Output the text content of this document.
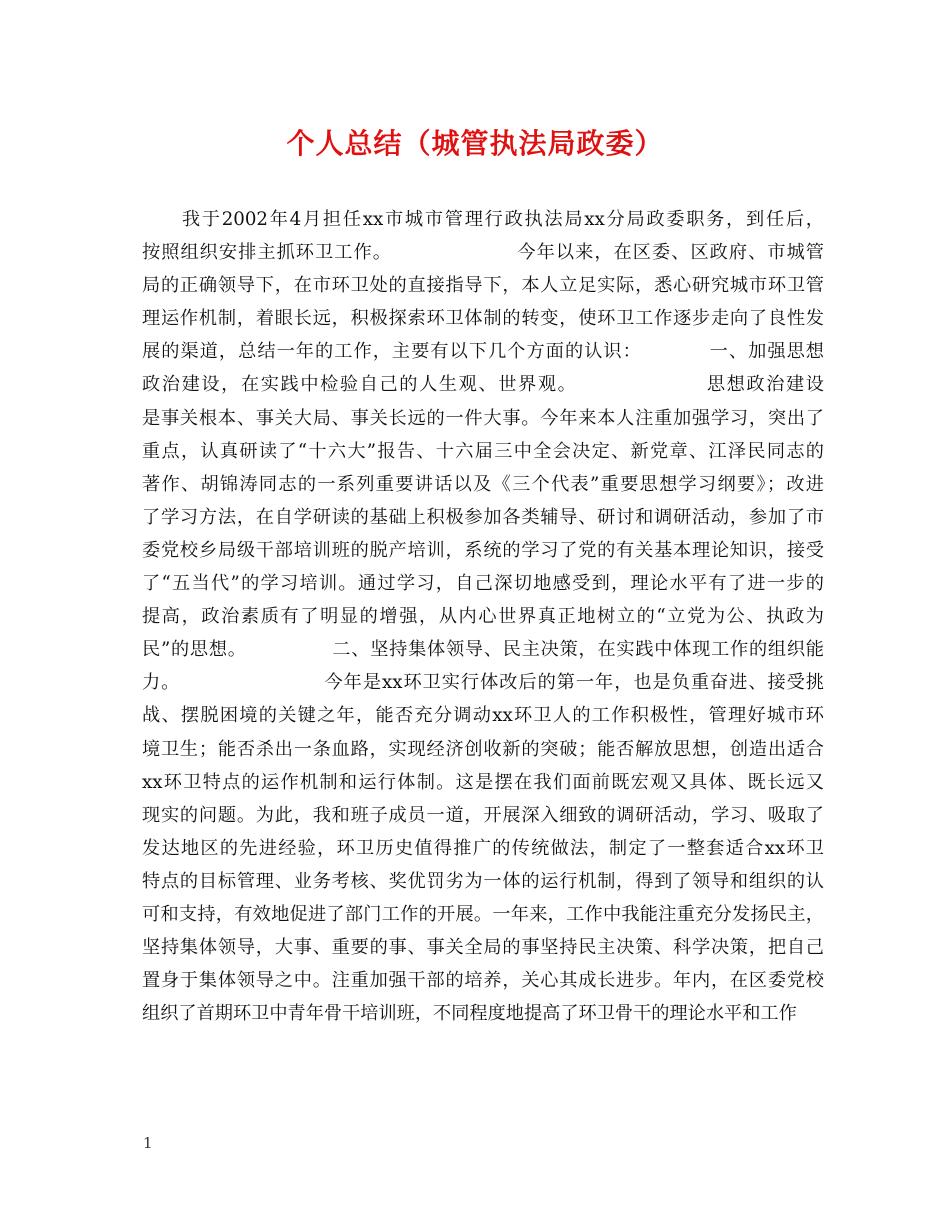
个人总结（城管执法局政委）
　　我于2002年4月担任xx市城市管理行政执法局xx分局政委职务，到任后，
按照组织安排主抓环卫工作。　　　　　　　今年以来，在区委、区政府、市城管
局的正确领导下，在市环卫处的直接指导下，本人立足实际，悉心研究城市环卫管
理运作机制，着眼长远，积极探索环卫体制的转变，使环卫工作逐步走向了良性发
展的渠道，总结一年的工作，主要有以下几个方面的认识：　　　　一、加强思想
政治建设，在实践中检验自己的人生观、世界观。　　　　　　　思想政治建设
是事关根本、事关大局、事关长远的一件大事。今年来本人注重加强学习，突出了
重点，认真研读了“十六大”报告、十六届三中全会决定、新党章、江泽民同志的
著作、胡锦涛同志的一系列重要讲话以及《三个代表”重要思想学习纲要》；改进
了学习方法，在自学研读的基础上积极参加各类辅导、研讨和调研活动，参加了市
委党校乡局级干部培训班的脱产培训，系统的学习了党的有关基本理论知识，接受
了“五当代”的学习培训。通过学习，自己深切地感受到，理论水平有了进一步的
提高，政治素质有了明显的增强，从内心世界真正地树立的“立党为公、执政为
民”的思想。　　　　　二、坚持集体领导、民主决策，在实践中体现工作的组织能
力。　　　　　　　　今年是xx环卫实行体改后的第一年，也是负重奋进、接受挑
战、摆脱困境的关键之年，能否充分调动xx环卫人的工作积极性，管理好城市环
境卫生；能否杀出一条血路，实现经济创收新的突破；能否解放思想，创造出适合
xx环卫特点的运作机制和运行体制。这是摆在我们面前既宏观又具体、既长远又
现实的问题。为此，我和班子成员一道，开展深入细致的调研活动，学习、吸取了
发达地区的先进经验，环卫历史值得推广的传统做法，制定了一整套适合xx环卫
特点的目标管理、业务考核、奖优罚劣为一体的运行机制，得到了领导和组织的认
可和支持，有效地促进了部门工作的开展。一年来，工作中我能注重充分发扬民主，
坚持集体领导，大事、重要的事、事关全局的事坚持民主决策、科学决策，把自己
置身于集体领导之中。注重加强干部的培养，关心其成长进步。年内，在区委党校
组织了首期环卫中青年骨干培训班，不同程度地提高了环卫骨干的理论水平和工作
1
